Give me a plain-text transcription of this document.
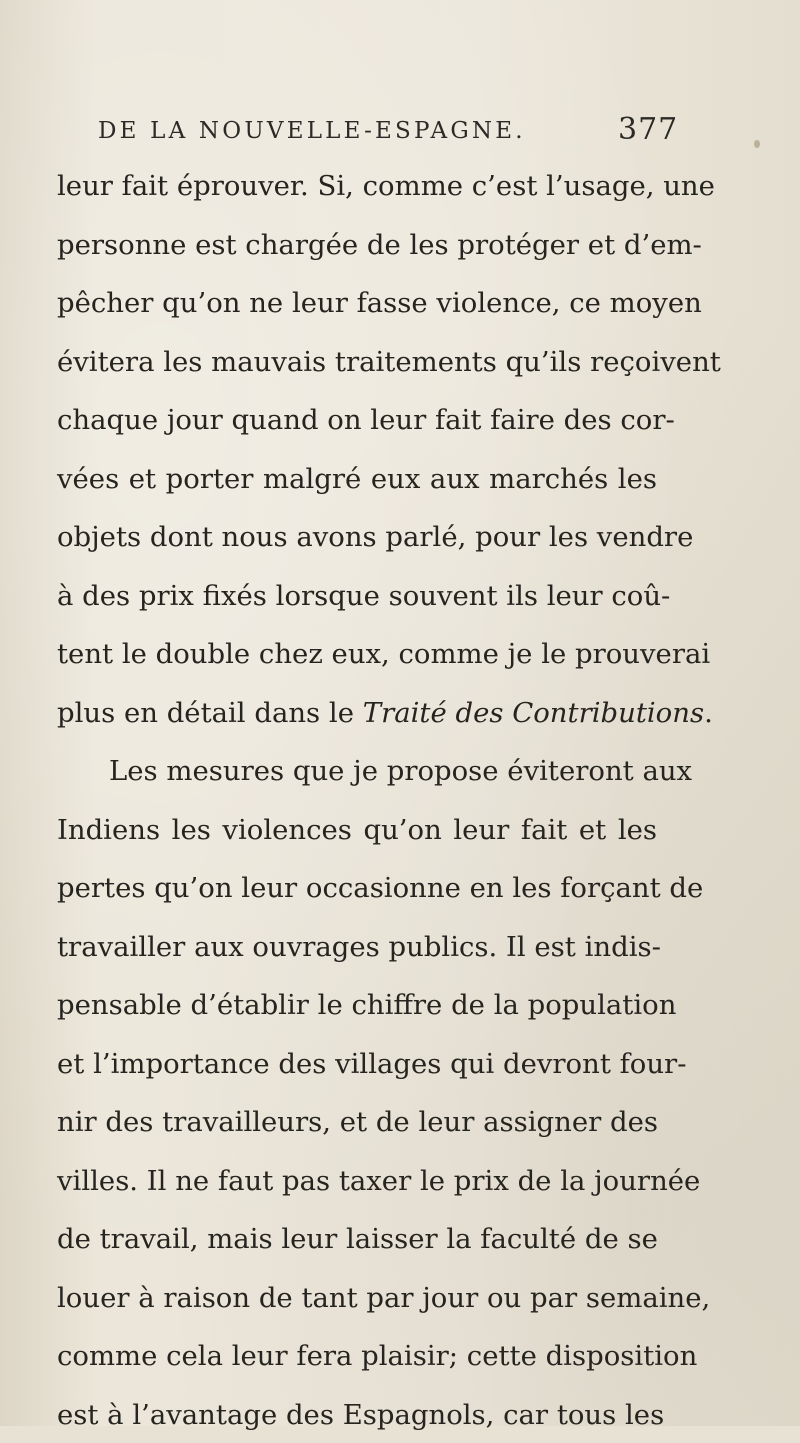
DE LA NOUVELLE-ESPAGNE.	377
leur fait éprouver. Si, comme c’est l’usage, une
personne est chargée de les protéger et d’em-
pêcher qu’on ne leur fasse violence, ce moyen
évitera les mauvais traitements qu’ils reçoivent
chaque jour quand on leur fait faire des cor-
vées et porter malgré eux aux marchés les
objets dont nous avons parlé, pour les vendre
à des prix fixés lorsque souvent ils leur coû-
tent le double chez eux, comme je le prouverai
plus en détail dans le Traité des Contributions.
Les mesures que je propose éviteront aux
Indiens les violences qu’on leur fait et les
pertes qu’on leur occasionne en les forçant de
travailler aux ouvrages publics. Il est indis-
pensable d’établir le chiffre de la population
et l’importance des villages qui devront four-
nir des travailleurs, et de leur assigner des
villes. Il ne faut pas taxer le prix de la journée
de travail, mais leur laisser la faculté de se
louer à raison de tant par jour ou par semaine,
comme cela leur fera plaisir; cette disposition
est à l’avantage des Espagnols, car tous les
